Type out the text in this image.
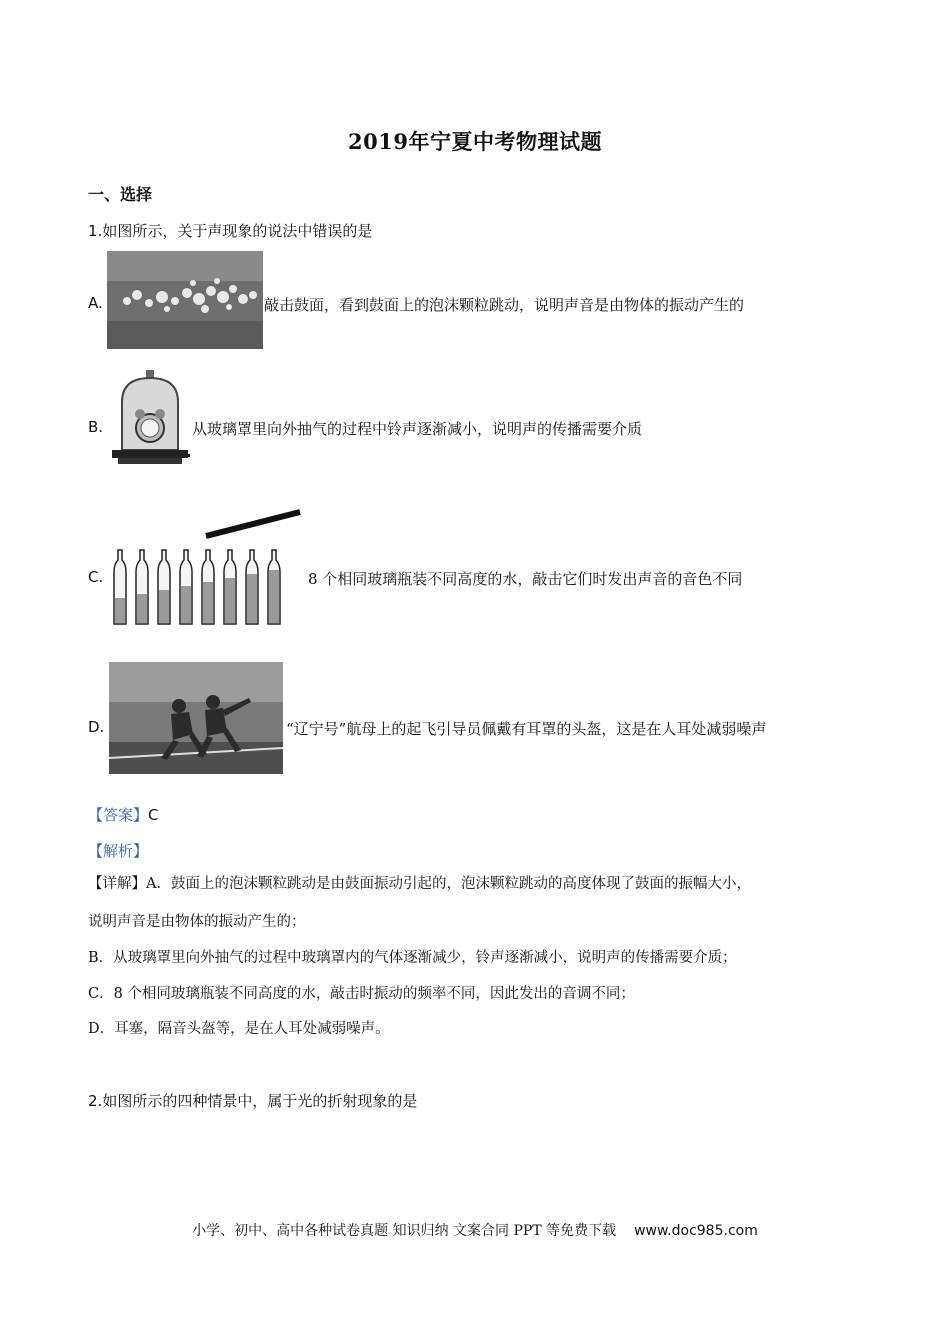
2019年宁夏中考物理试题
一、选择
1.如图所示，关于声现象的说法中错误的是
A.	敲击鼓面，看到鼓面上的泡沫颗粒跳动，说明声音是由物体的振动产生的
B.	从玻璃罩里向外抽气的过程中铃声逐渐减小，说明声的传播需要介质
C.	8 个相同玻璃瓶装不同高度的水，敲击它们时发出声音的音色不同
D.	“辽宁号”航母上的起飞引导员佩戴有耳罩的头盔，这是在人耳处减弱噪声
【答案】C
【解析】
【详解】A．鼓面上的泡沫颗粒跳动是由鼓面振动引起的，泡沫颗粒跳动的高度体现了鼓面的振幅大小，
说明声音是由物体的振动产生的；
B．从玻璃罩里向外抽气的过程中玻璃罩内的气体逐渐减少，铃声逐渐减小，说明声的传播需要介质；
C．8 个相同玻璃瓶装不同高度的水，敲击时振动的频率不同，因此发出的音调不同；
D．耳塞，隔音头盔等，是在人耳处减弱噪声。
2.如图所示的四种情景中，属于光的折射现象的是
小学、初中、高中各种试卷真题 知识归纳 文案合同 PPT 等免费下载 www.doc985.com
